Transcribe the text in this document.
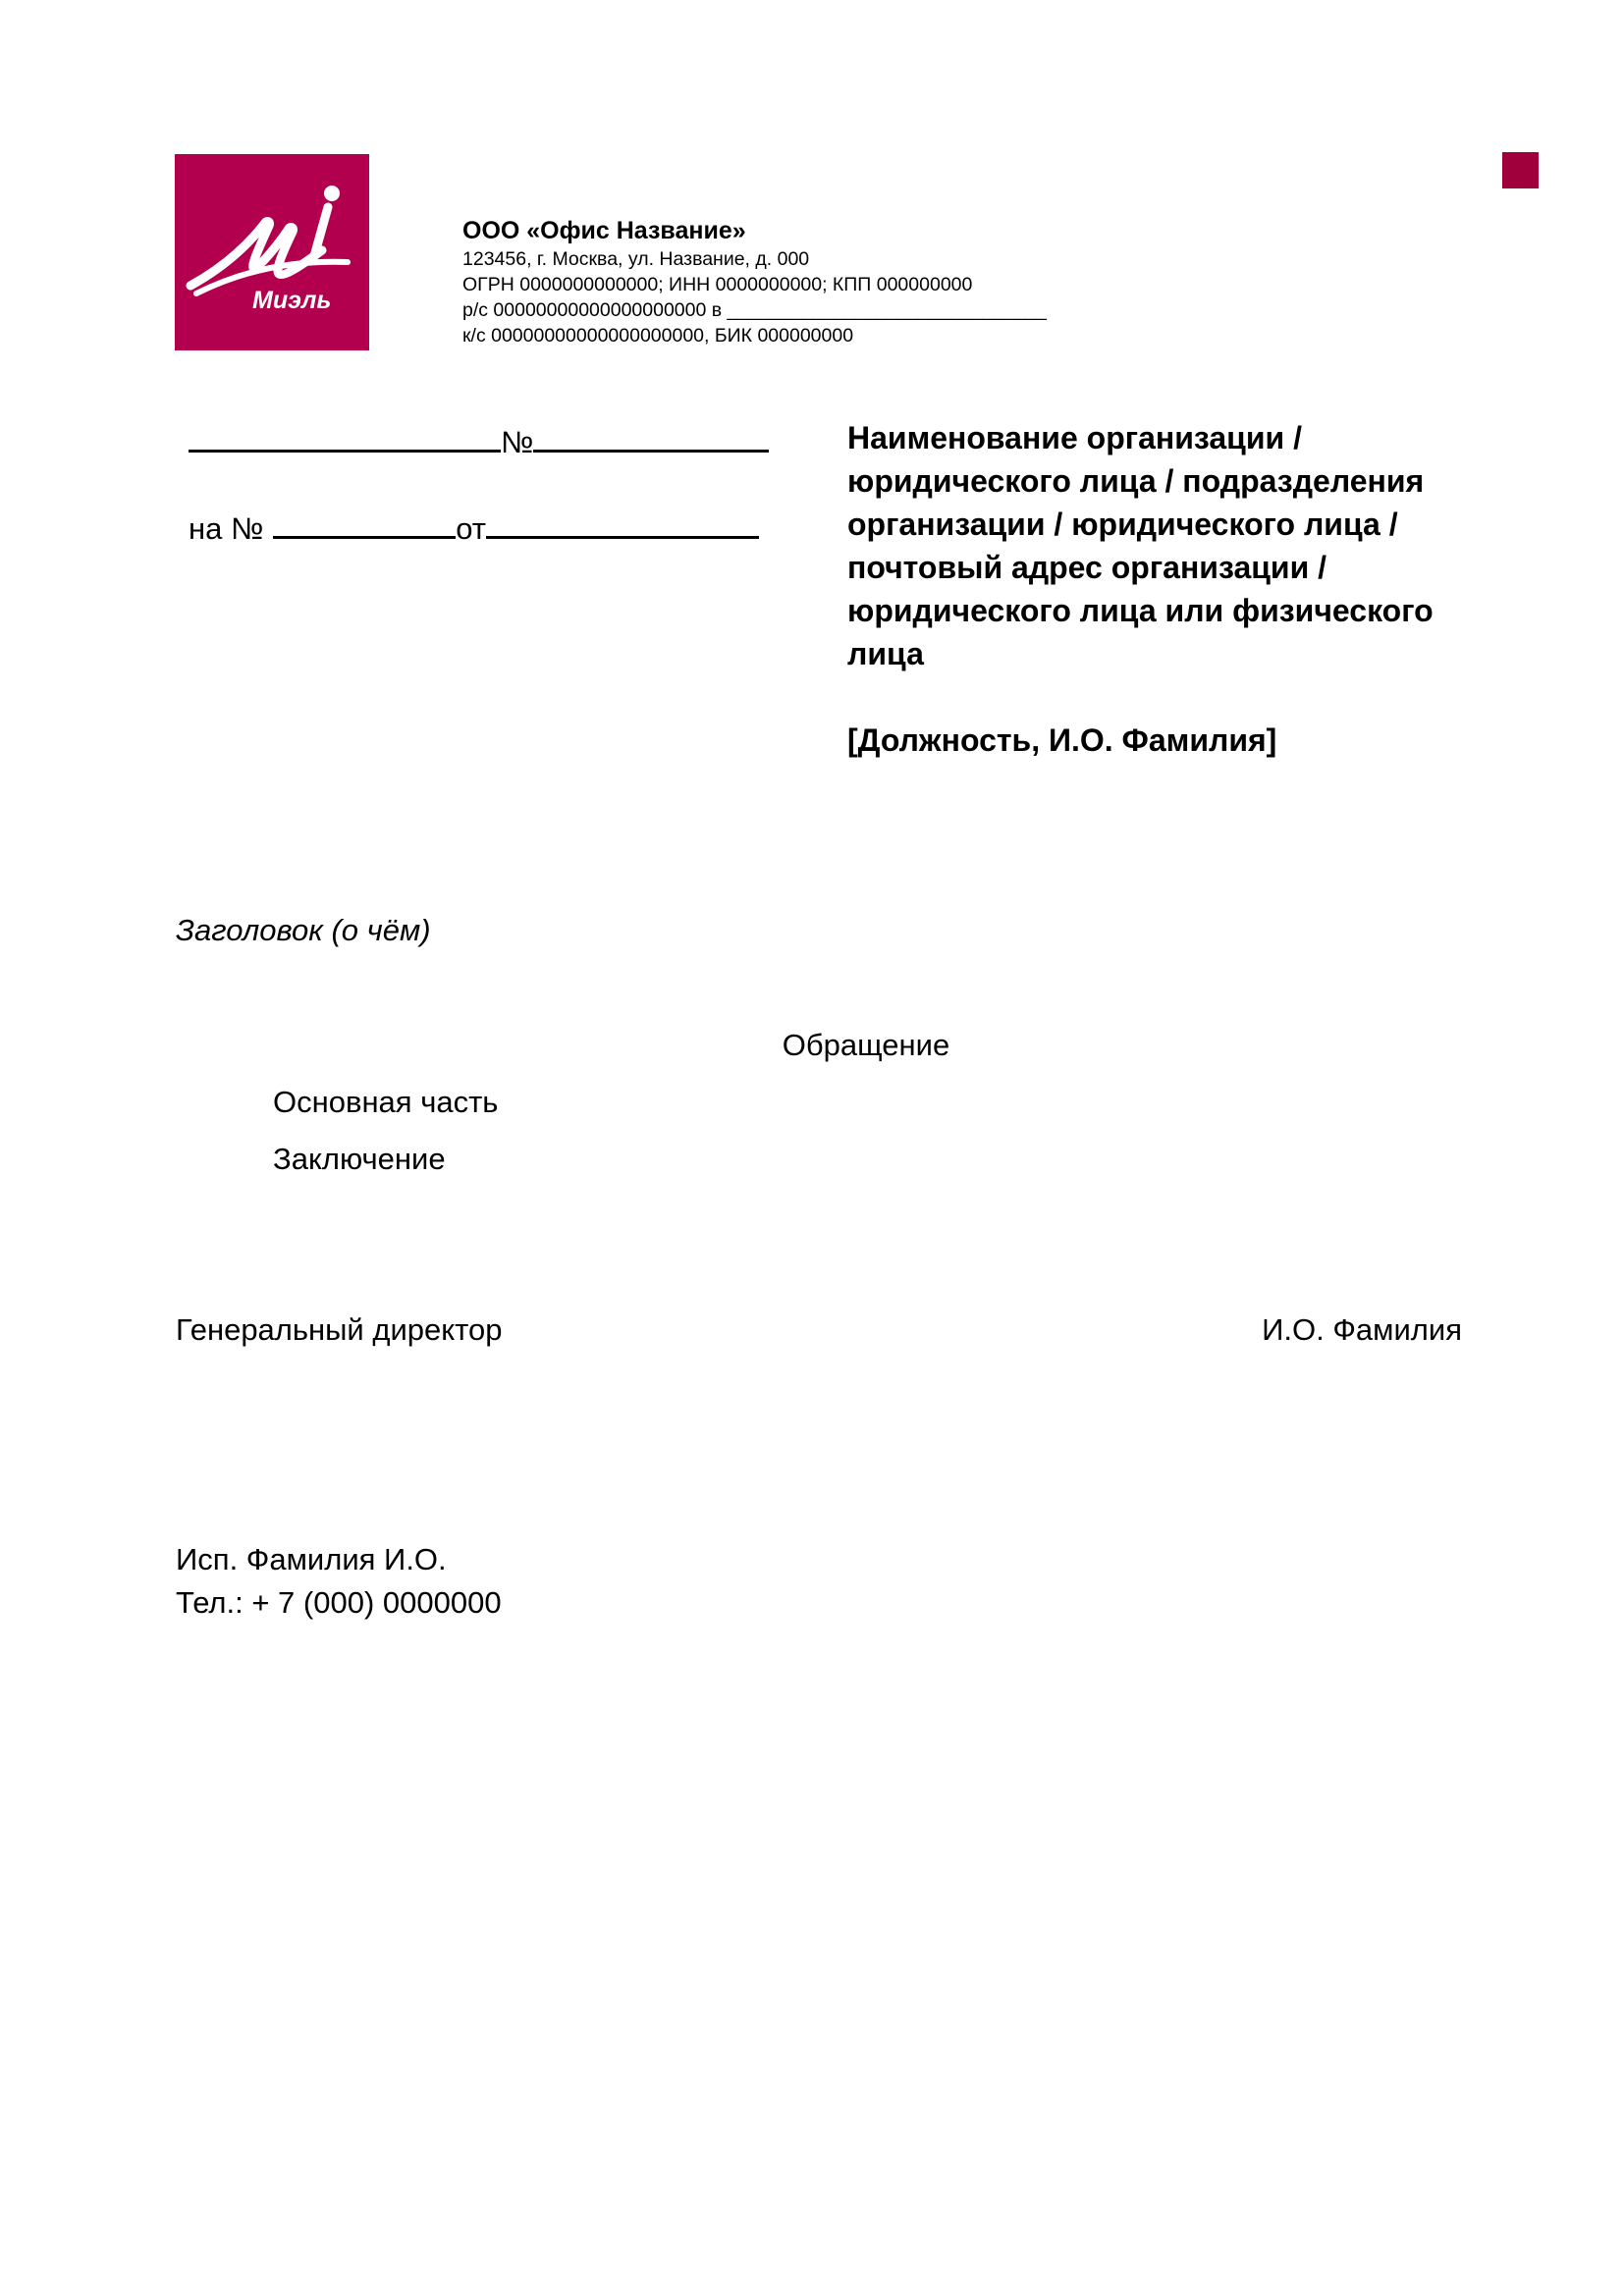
Миэль

ООО «Офис Название»

123456, г. Москва, ул. Название, д. 000

ОГРН 0000000000000; ИНН 0000000000; КПП 000000000

р/с 00000000000000000000 в ______________________________

к/с 00000000000000000000, БИК 000000000

№
на №	от

Наименование организации / юридического лица / подразделения организации / юридического лица / почтовый адрес организации / юридического лица или физического лица

[Должность, И.О. Фамилия]

Заголовок (о чём)
Обращение
Основная часть
Заключение
Генеральный директор	И.О. Фамилия

Исп. Фамилия И.О.

Тел.: + 7 (000) 0000000
